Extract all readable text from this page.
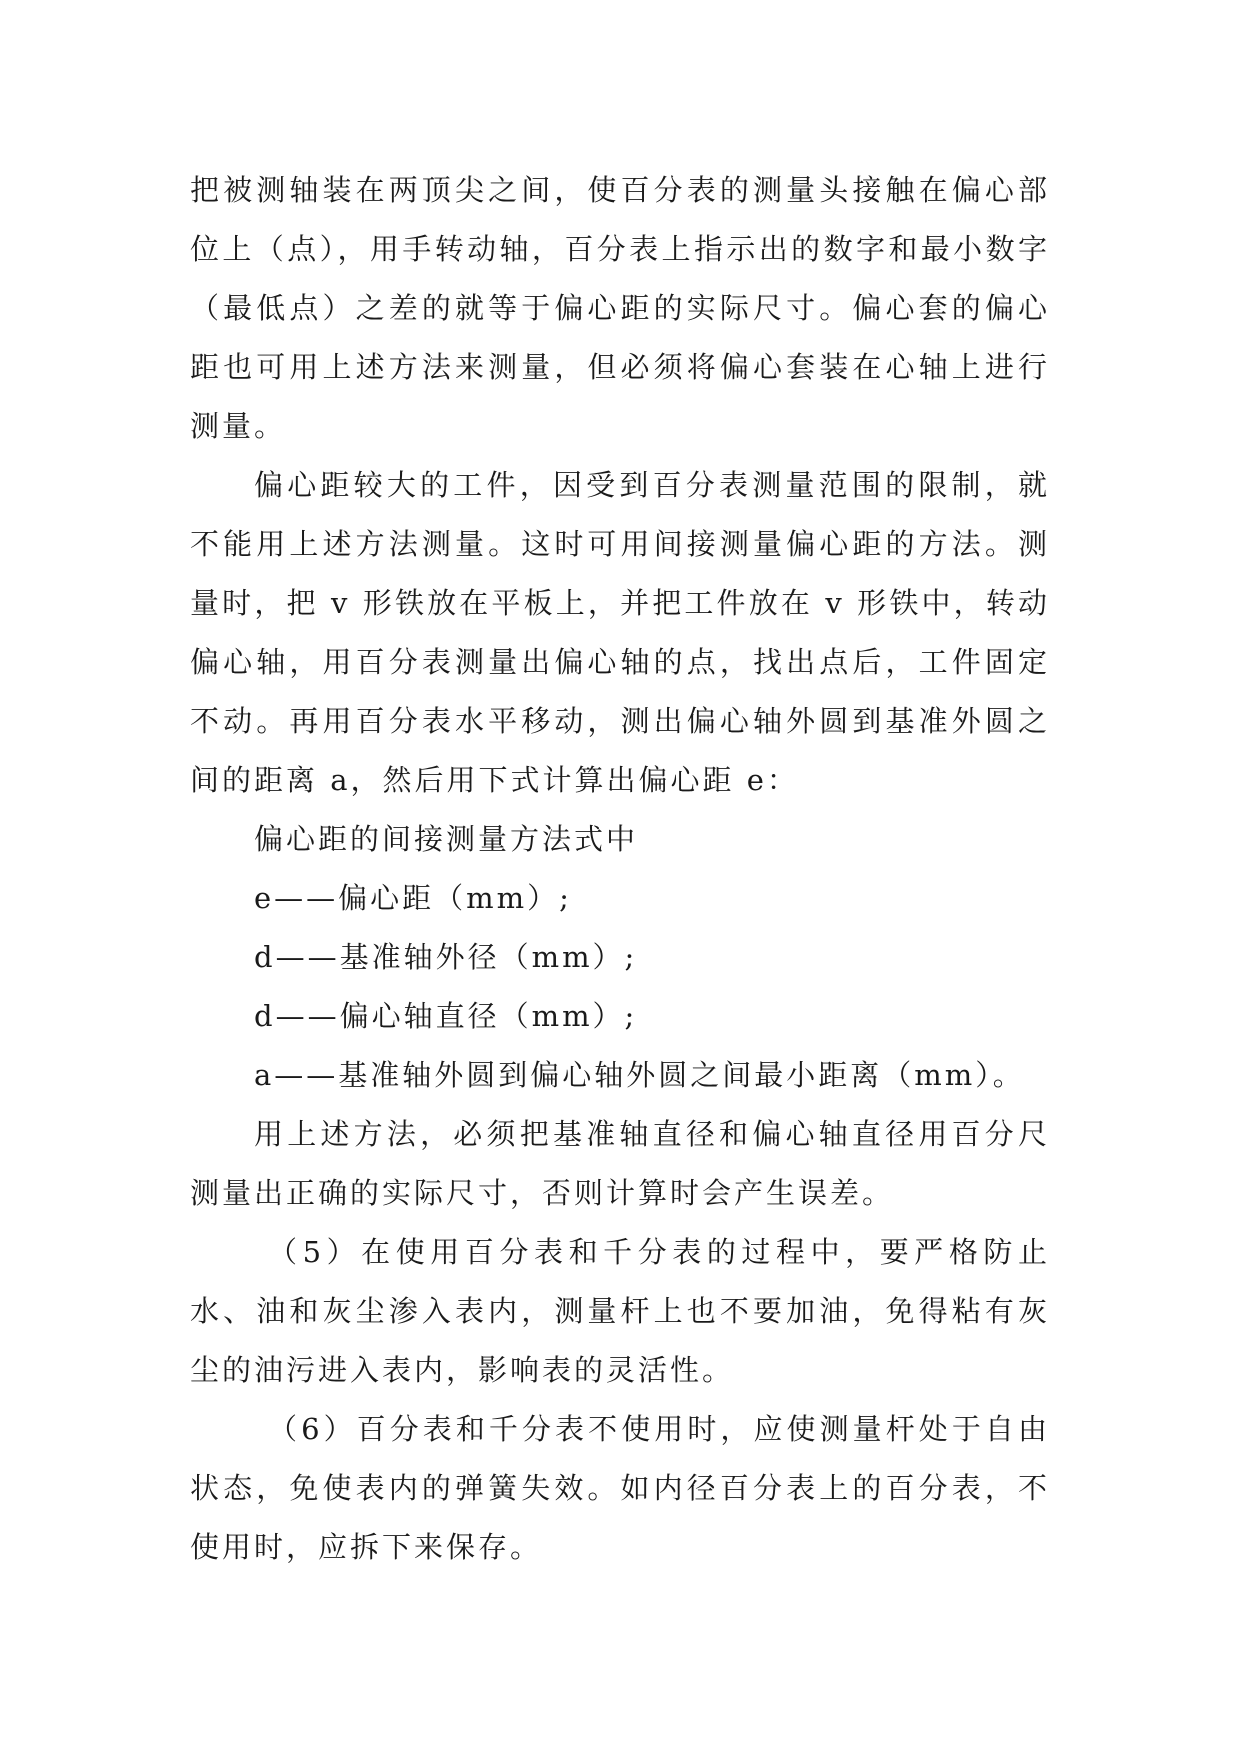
把被测轴装在两顶尖之间，使百分表的测量头接触在偏心部位上（点），用手转动轴，百分表上指示出的数字和最小数字（最低点）之差的就等于偏心距的实际尺寸。偏心套的偏心距也可用上述方法来测量，但必须将偏心套装在心轴上进行测量。

偏心距较大的工件，因受到百分表测量范围的限制，就不能用上述方法测量。这时可用间接测量偏心距的方法。测量时，把 v 形铁放在平板上，并把工件放在 v 形铁中，转动偏心轴，用百分表测量出偏心轴的点，找出点后，工件固定不动。再用百分表水平移动，测出偏心轴外圆到基准外圆之间的距离 a，然后用下式计算出偏心距 e：

偏心距的间接测量方法式中

e——偏心距（mm）;

d——基准轴外径（mm）;

d——偏心轴直径（mm）;

a——基准轴外圆到偏心轴外圆之间最小距离（mm）。

用上述方法，必须把基准轴直径和偏心轴直径用百分尺测量出正确的实际尺寸，否则计算时会产生误差。

（5）在使用百分表和千分表的过程中，要严格防止水、油和灰尘渗入表内，测量杆上也不要加油，免得粘有灰尘的油污进入表内，影响表的灵活性。

（6）百分表和千分表不使用时，应使测量杆处于自由状态，免使表内的弹簧失效。如内径百分表上的百分表，不使用时，应拆下来保存。
